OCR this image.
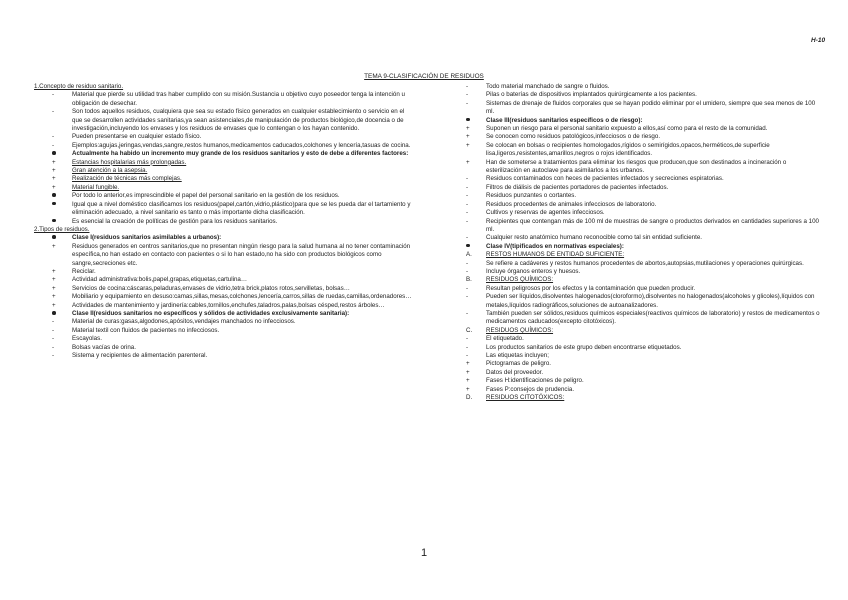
H-10
TEMA 9-CLASIFICACIÓN DE RESIDUOS
1.Concepto de residuo sanitario.
-	Material que pierde su utilidad tras haber cumplido con su misión.Sustancia u objetivo cuyo poseedor tenga la intención u obligación de desechar.
-	Son todos aquellos residuos, cualquiera que sea su estado físico generados en cualquier establecimiento o servicio en el que se desarrollen actividades sanitarias,ya sean asistenciales,de manipulación de productos biológico,de docencia o de investigación,incluyendo los envases y los residuos de envases que lo contengan o los hayan contenido.
-	Pueden presentarse en cualquier estado físico.
-	Ejemplos:agujas,jeringas,vendas,sangre,restos humanos,medicamentos caducados,colchones y lencería,tasuas de cocina.
Actualmente ha habido un incremento muy grande de los residuos sanitarios y esto de debe a diferentes factores:
+	Estancias hospitalarias más prolongadas.
+	Gran atención a la asepsia.
+	Realización de técnicas más complejas.
+	Material fungible.
Por todo lo anterior,es imprescindible el papel del personal sanitario en la gestión de los residuos.
Igual que a nivel doméstico clasificamos los residuos(papel,cartón,vidrio,plástico)para que se les pueda dar el tartamiento y eliminación adecuado, a nivel sanitario es tanto o más importante dicha clasificación.
Es esencial la creación de políticas de gestión para los residuos sanitarios.
2.Tipos de residuos.
Clase I(residuos sanitarios asimilables a urbanos):
+	Residuos generados en centros sanitarios,que no presentan ningún riesgo para la salud humana al no tener contaminación específica,no han estado en contacto con pacientes o si lo han estado,no ha sido con productos biológicos como sangre,secreciones etc.
+	Reciclar.
+	Actividad administrativa:bolis,papel,grapas,etiquetas,cartulina…
+	Servicios de cocina:cáscaras,peladuras,envases de vidrio,tetra brick,platos rotos,servilletas, bolsas…
+	Mobiliario y equipamiento en desuso:camas,sillas,mesas,colchones,lencería,carros,sillas de ruedas,camillas,ordenadores…
+	Actividades de mantenimiento y jardinería:cables,tornillos,enchufes,taladros,palas,bolsas césped,restos árboles…
Clase II(residuos sanitarios no específicos y sólidos de actividades exclusivamente sanitaria):
-	Material de curas:gasas,algodones,apósitos,vendajes manchados no infecciosos.
-	Material textil con fluidos de pacientes no infecciosos.
-	Escayolas.
-	Bolsas vacías de orina.
-	Sistema y recipientes de alimentación parenteral.
-	Todo material manchado de sangre o fluidos.
-	Pilas o baterías de dispositivos implantados quirúrgicamente a los pacientes.
-	Sistemas de drenaje de fluidos corporales que se hayan podido eliminar por el umidero, siempre que sea menos de 100 ml.
Clase III(residuos sanitarios específicos o de riesgo):
+	Suponen un riesgo para el personal sanitario expuesto a ellos,así como para el resto de la comunidad.
+	Se conocen como residuos patológicos,infecciosos o de riesgo.
+	Se colocan en bolsas o recipientes homologados,rígidos o semirígidos,opacos,herméticos,de superficie lisa,ligeros,resistentes,amarillos,negros o rojos identificados.
+	Han de someterse a tratamientos para eliminar los riesgos que producen,que son destinados a incineración o esterilización en autoclave para asimilarlos a los urbanos.
-	Residuos contaminados con heces de pacientes infectados y secreciones espiratorias.
-	Filtros de diálisis de pacientes portadores de pacientes infectados.
-	Residuos punzantes o cortantes.
-	Residuos procedentes de animales infecciosos de laboratorio.
-	Cultivos y reservas de agentes infecciosos.
-	Recipientes que contengan más de 100 ml de muestras de sangre o productos derivados en cantidades superiores a 100 ml.
-	Cualquier resto anatómico humano reconocible como tal sin entidad suficiente.
Clase IV(tipificados en normativas especiales):
A.	RESTOS HUMANOS DE ENTIDAD SUFICIENTE:
-	Se refiere a cadáveres y restos humanos procedentes de abortos,autopsias,mutilaciones y operaciones quirúrgicas.
-	Incluye órganos enteros y huesos.
B.	RESIDUOS QUÍMICOS:
-	Resultan peligrosos por los efectos y la contaminación que pueden producir.
-	Pueden ser líquidos,disolventes halogenados(cloroformo),disolventes no halogenados(alcoholes y glicoles),líquidos con metales,líquidos radiográficos,soluciones de autoanalizadores.
-	También pueden ser sólidos,residuos químicos especiales(reactivos químicos de laboratorio) y restos de medicamentos o medicamentos caducados(excepto citotóxicos).
C.	RESIDUOS QUÍMICOS:
-	El etiquetado.
-	Los productos sanitarios de este grupo deben encontrarse etiquetados.
-	Las etiquetas incluyen;
+	Pictogramas de peligro.
+	Datos del proveedor.
+	Fases H:identificaciones de peligro.
+	Fases P:consejos de prudencia.
D.	RESIDUOS CITOTÓXICOS:
1
